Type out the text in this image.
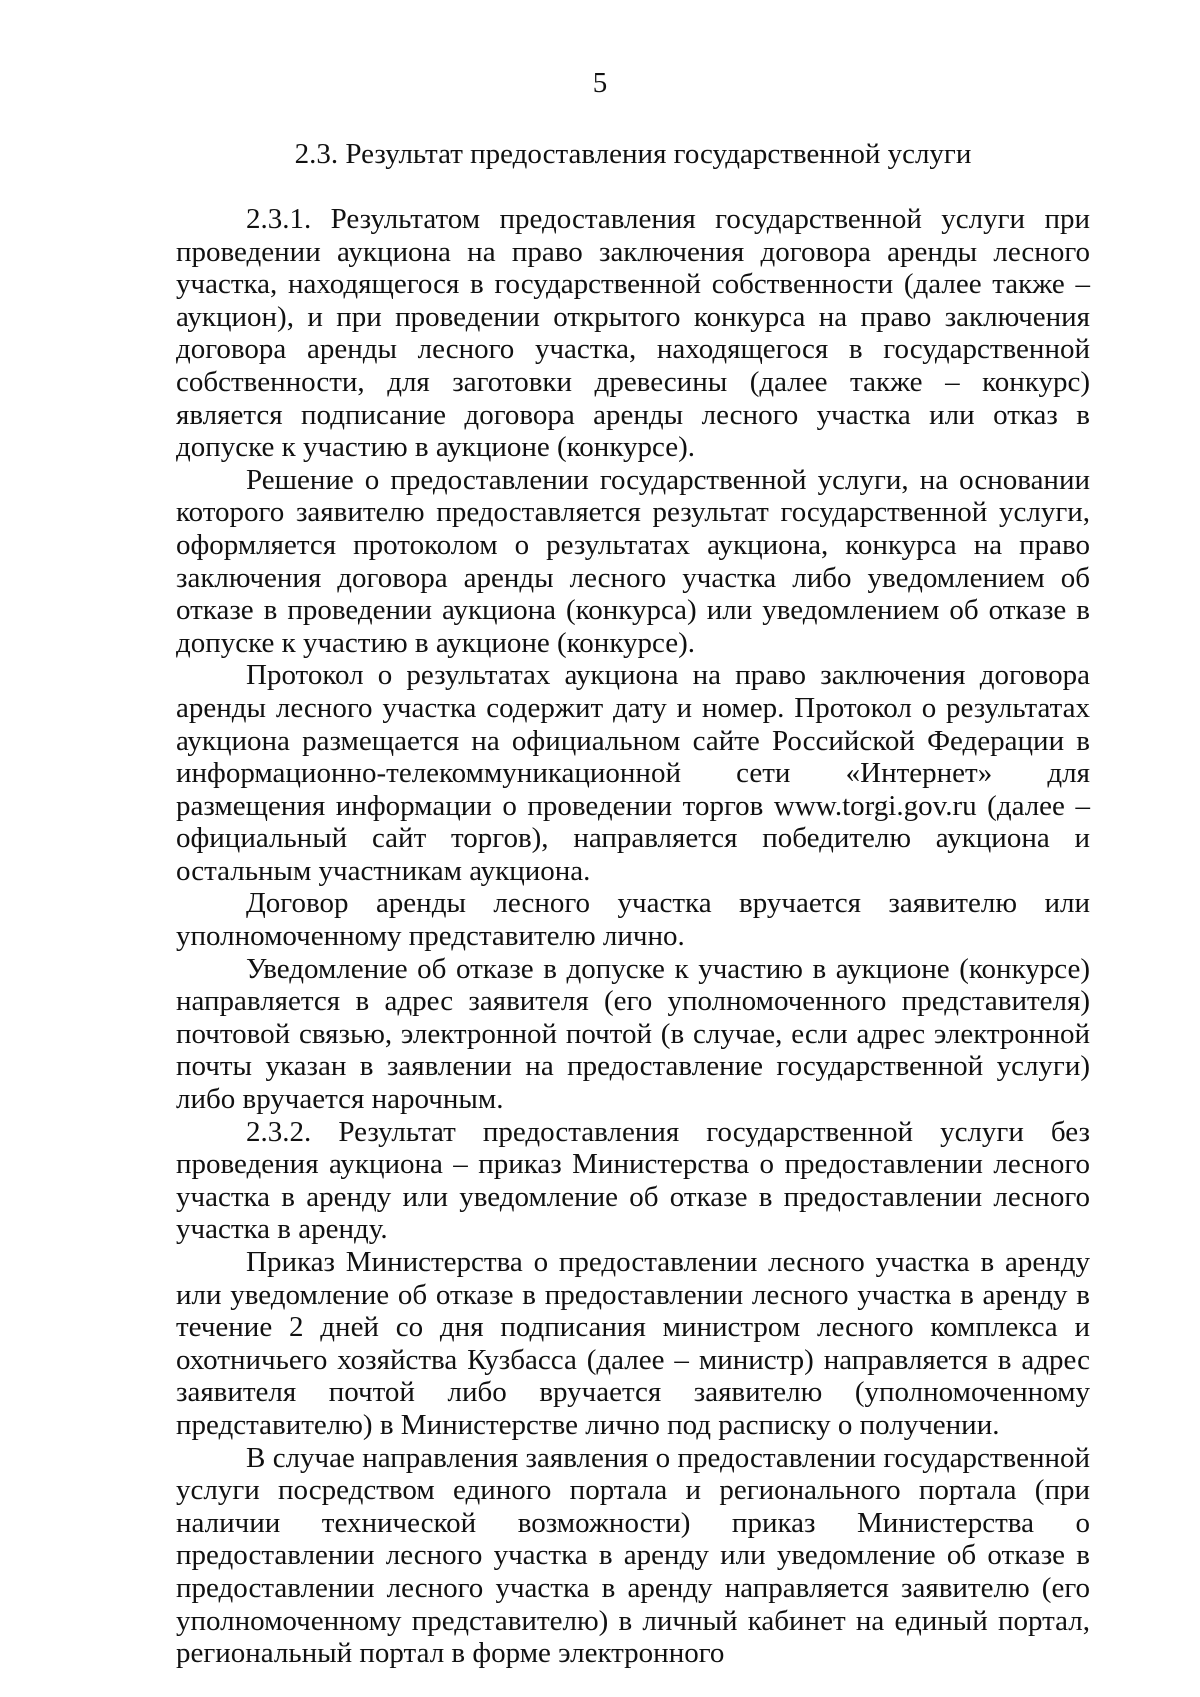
5
2.3. Результат предоставления государственной услуги

2.3.1. Результатом предоставления государственной услуги при проведении аукциона на право заключения договора аренды лесного участка, находящегося в государственной собственности (далее также – аукцион), и при проведении открытого конкурса на право заключения договора аренды лесного участка, находящегося в государственной собственности, для заготовки древесины (далее также – конкурс) является подписание договора аренды лесного участка или отказ в допуске к участию в аукционе (конкурсе).

Решение о предоставлении государственной услуги, на основании которого заявителю предоставляется результат государственной услуги, оформляется протоколом о результатах аукциона, конкурса на право заключения договора аренды лесного участка либо уведомлением об отказе в проведении аукциона (конкурса) или уведомлением об отказе в допуске к участию в аукционе (конкурсе).

Протокол о результатах аукциона на право заключения договора аренды лесного участка содержит дату и номер. Протокол о результатах аукциона размещается на официальном сайте Российской Федерации в информационно-телекоммуникационной сети «Интернет» для размещения информации о проведении торгов www.torgi.gov.ru (далее – официальный сайт торгов), направляется победителю аукциона и остальным участникам аукциона.

Договор аренды лесного участка вручается заявителю или уполномоченному представителю лично.

Уведомление об отказе в допуске к участию в аукционе (конкурсе) направляется в адрес заявителя (его уполномоченного представителя) почтовой связью, электронной почтой (в случае, если адрес электронной почты указан в заявлении на предоставление государственной услуги) либо вручается нарочным.

2.3.2. Результат предоставления государственной услуги без проведения аукциона – приказ Министерства о предоставлении лесного участка в аренду или уведомление об отказе в предоставлении лесного участка в аренду.

Приказ Министерства о предоставлении лесного участка в аренду или уведомление об отказе в предоставлении лесного участка в аренду в течение 2 дней со дня подписания министром лесного комплекса и охотничьего хозяйства Кузбасса (далее – министр) направляется в адрес заявителя почтой либо вручается заявителю (уполномоченному представителю) в Министерстве лично под расписку о получении.

В случае направления заявления о предоставлении государственной услуги посредством единого портала и регионального портала (при наличии технической возможности) приказ Министерства о предоставлении лесного участка в аренду или уведомление об отказе в предоставлении лесного участка в аренду направляется заявителю (его уполномоченному представителю) в личный кабинет на единый портал, региональный портал в форме электронного
